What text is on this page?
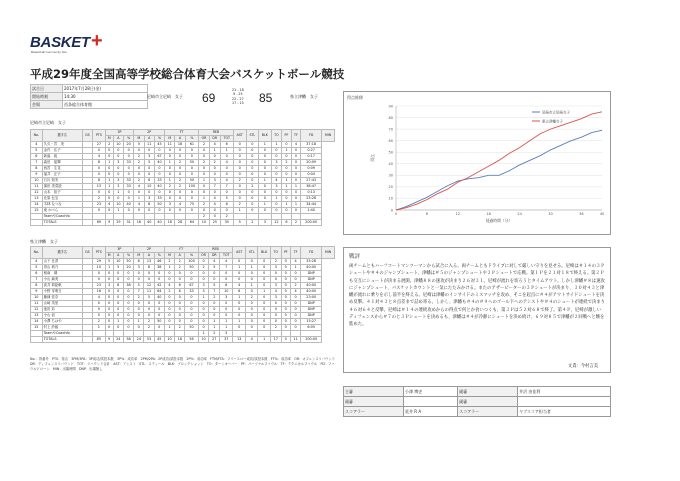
BASKET +
Basketball Community Site
平成29年度全国高等学校総合体育大会バスケットボール競技
試合日	2017年7月28日(金)
開始時刻	14:30
会場	西条総合体育館
尼崎市立尼崎　女子 69
21 - 18
9 - 25
22 - 27
17 - 15 85	県立津幡　女子
尼崎市立尼崎　女子
No.	選手名	GS	PTS	3P			2P			FT			REB			AST	STL	BLK	TO	PF	TF	FD	MIN
				M	A	%	M	A	%	M	A	%	OR	DR	TOT								
4	久久・宮　美		27	2	10	20	5	11	45	11	18	61	2	4	6	0	0	1	1	0	4	37:18	
5	金作　弘子		0	0	0	0	0	0	0	0	0	0	0	1	1	0	0	0	0	1	0	0:27	
6	新潟　純		4	0	0	0	2	3	67	0	0	0	0	0	0	0	0	0	0	0	0	0:17	
7	森田　瑶輝		8	1	3	33	2	5	40	1	2	50	2	2	4	0	0	0	3	2	0	20:09	
8	西宮　生花		0	0	0	0	0	0	0	0	0	0	0	0	0	0	0	0	0	0	0	0:09	
9	福井　正子		0	0	0	0	0	0	0	0	0	0	0	0	0	0	0	0	0	0	0	0:04	
10	石川 知実		8	1	3	33	2	6	33	1	2	50	1	3	4	2	0	1	4	1	0	27:43	
11	濱田 美菜絵		13	1	3	33	4	10	40	2	2	100	0	7	7	0	2	0	3	1	1	38:47	
12	山本　裕子		0	0	1	0	0	0	0	0	0	0	0	0	0	0	0	0	0	0	0	0:13	
13	北原 伝宝		2	0	0	0	1	3	33	0	0	0	1	4	5	0	0	0	1	0	0	23:28	
14	木林 なつな		23	4	10	40	4	8	50	3	4	75	2	4	6	2	0	1	0	1	1	34:44	
15	東 かべら		0	0	1	0	0	0	0	0	0	0	0	0	0	1	0	0	0	0	0	1:40	
	TeamやCoachfo												2	0	2								
	TOTALS		69	9	29	31	16	40	40	18	28	64	10	25	35	5	2	3	12	6	2	200:00	
県立津幡　女子
No.	選手名	GS	PTS	3P			2P			FT			REB			AST	STL	BLK	TO	PF	TF	FD	MIN
				M	A	%	M	A	%	M	A	%	OR	DR	TOT								
4	山下 仕香		29	5	10	50	6	13	46	2	2	100	0	4	4	0	0	0	2	0	4	35:28	
5	青山 莉乃		10	1	5	20	3	8	38	1	2	50	2	5	7	1	1	0	3	0	1	40:00	
6	相南　瑚		0	0	0	0	0	0	0	0	0	0	0	0	0	0	0	0	0	0	0	DNP	
7	小山 麻美		0	0	0	0	0	0	0	0	0	0	0	0	0	0	0	0	0	0	0	DNP	
8	高井 莉絵帆		23	3	8	38	5	12	42	4	6	67	3	5	8	4	1	0	3	0	2	40:00	
9	小野 芽明日		16	0	0	0	7	11	64	2	6	33	3	7	10	6	0	1	4	0	4	40:00	
10	藤縁 佳奈		4	0	0	0	2	5	40	0	0	0	1	2	3	1	2	0	3	0	0	23:00	
11	山崎 英里		0	0	0	0	0	0	0	0	0	0	0	0	0	0	0	0	0	0	0	DNP	
12	池田 彩		0	0	0	0	0	0	0	0	0	0	0	0	0	0	0	0	0	0	0	DNP	
13	小山 浪		0	0	0	0	0	0	0	0	0	0	0	0	0	0	0	0	0	0	0	DNP	
14	小澤 ちはや		2	0	1	0	1	2	50	0	0	0	0	1	1	1	0	0	0	0	0	15:27	
15	村上 紗綾		1	0	0	0	0	2	0	1	2	50	0	1	1	0	0	0	2	0	0	6:05	
	TeamやCoachfo												1	2	3								
	TOTALS		85	9	24	38	24	53	45	10	18	56	10	27	37	13	4	1	17	0	11	200:00	
No.：背番号　PTS：得点　3PM/3PA：3P成功/試投本数　3P%：成功率　2PM/2PA：2P成功/試投本数　2P%：成功率　FTM/FTA：フリースロー成功/試投本数　FT%：成功率　OR：オフェンスリバウンド　DR：ディフェンスリバウンド　TOT：リバウンド合計　AST：アシスト　STL：スティール　BLK：ブロックショット　TO：ターンオーバー　PF：パーソナルファウル　TF：テクニカルファウル　FD：ファウルドローン　MIN：出場時間　DNP：出場無し
得点推移
0
10
20
30
40
50
60
70
80
90
0	6	12	18	24	30	36	40
経過時間（分）
得点
尼崎市立尼崎女子
県立津幡女子
戦評
両チームともハーフコートマンツーマンから試合に入る。両チームともドライブに対して厳しい守りを見せる。尼崎は＃１４の３Ｐシュートや＃４のジャンプシュート、津幡は＃５のジャンプシュートや３Ｐシュートで応戦。第１Ｐを２１対１８で終える。第２Ｐも交互にシュートが決まる展開。津幡８８の速攻が決まり２６対３１。尼崎が流れを切ろうとタイムアウト。しかし津幡＃８は速攻にジャンプシュート、バスケットカウントと一気にたたみかける。またのアザーピーターの３Ｐシュートが決まり、３０対４３と津幡が流れに乗りを示し前半を終える。尼崎は津幡のインサイドのミスマッチを攻め、そこを起点に＃４がアウトサイドシュートを決め反撃。４１対４３と８点差まで詰め寄る。しかし、津幡も＃４の＃９へのゴール下へのアシストや＃４のシュートが連続で決まり４６対６４と反撃。尼崎は＃１４の連続攻めからの得点で何とか食いつくも、第３Ｐは５２対６８で終了。第４Ｐ、尼崎が激しいディフェンスから＃７のと３Ｐシュートを決めるも、津幡は＃４が冷静にシュートを決め続け、６９対８５で津幡が２回戦へと駒を進めた。
文責：今村言美
主審	小澤 博史	副審	井沼 由佳利
副審		副審	
スコアラー	延井 R A	スコアラー	ヤブスコア担当者
